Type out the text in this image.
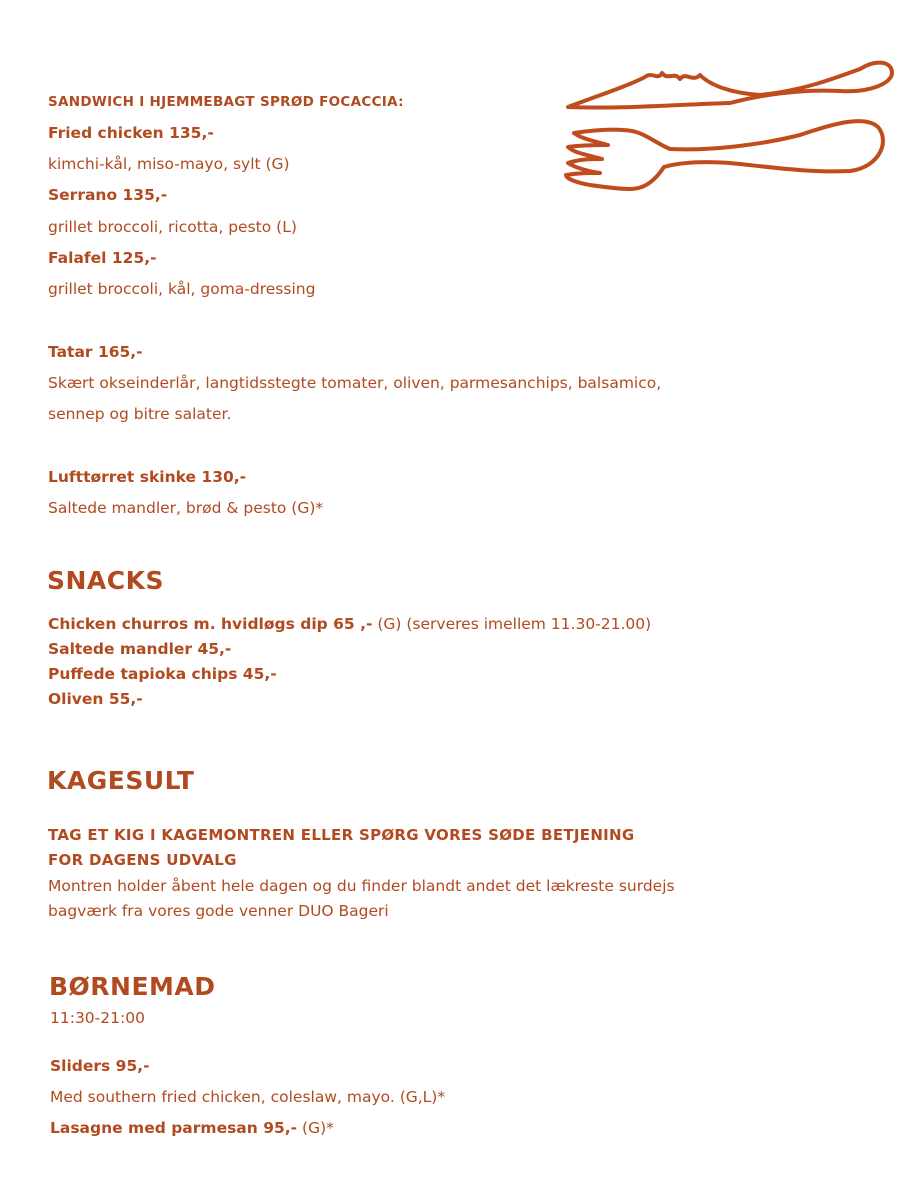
SANDWICH I HJEMMEBAGT SPRØD FOCACCIA:
Fried chicken 135,-
kimchi-kål, miso-mayo, sylt (G)
Serrano 135,-
grillet broccoli, ricotta, pesto (L)
Falafel 125,-
grillet broccoli, kål, goma-dressing
Tatar 165,-
Skært okseinderlår, langtidsstegte tomater, oliven, parmesanchips, balsamico,
sennep og bitre salater.
Lufttørret skinke 130,-
Saltede mandler, brød & pesto (G)*
SNACKS
Chicken churros m. hvidløgs dip 65 ,- (G) (serveres imellem 11.30-21.00)
Saltede mandler 45,-
Puffede tapioka chips 45,-
Oliven 55,-
KAGESULT
TAG ET KIG I KAGEMONTREN ELLER SPØRG VORES SØDE BETJENING
FOR DAGENS UDVALG
Montren holder åbent hele dagen og du finder blandt andet det lækreste surdejs
bagværk fra vores gode venner DUO Bageri
BØRNEMAD
11:30-21:00
Sliders 95,-
Med southern fried chicken, coleslaw, mayo. (G,L)*
Lasagne med parmesan 95,- (G)*
